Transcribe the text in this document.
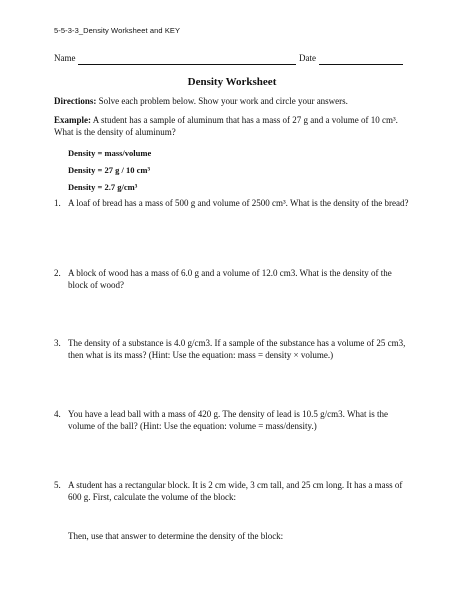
5-5-3-3_Density Worksheet and KEY
Name	Date
Density Worksheet
Directions: Solve each problem below. Show your work and circle your answers.
Example: A student has a sample of aluminum that has a mass of 27 g and a volume of 10 cm³. What is the density of aluminum?
Density = mass/volume
Density = 27 g / 10 cm³
Density = 2.7 g/cm³
1. A loaf of bread has a mass of 500 g and volume of 2500 cm³. What is the density of the bread?
2. A block of wood has a mass of 6.0 g and a volume of 12.0 cm3. What is the density of the block of wood?
3. The density of a substance is 4.0 g/cm3. If a sample of the substance has a volume of 25 cm3, then what is its mass? (Hint: Use the equation: mass = density × volume.)
4. You have a lead ball with a mass of 420 g. The density of lead is 10.5 g/cm3. What is the volume of the ball? (Hint: Use the equation: volume = mass/density.)
5. A student has a rectangular block. It is 2 cm wide, 3 cm tall, and 25 cm long. It has a mass of 600 g. First, calculate the volume of the block:
Then, use that answer to determine the density of the block:
